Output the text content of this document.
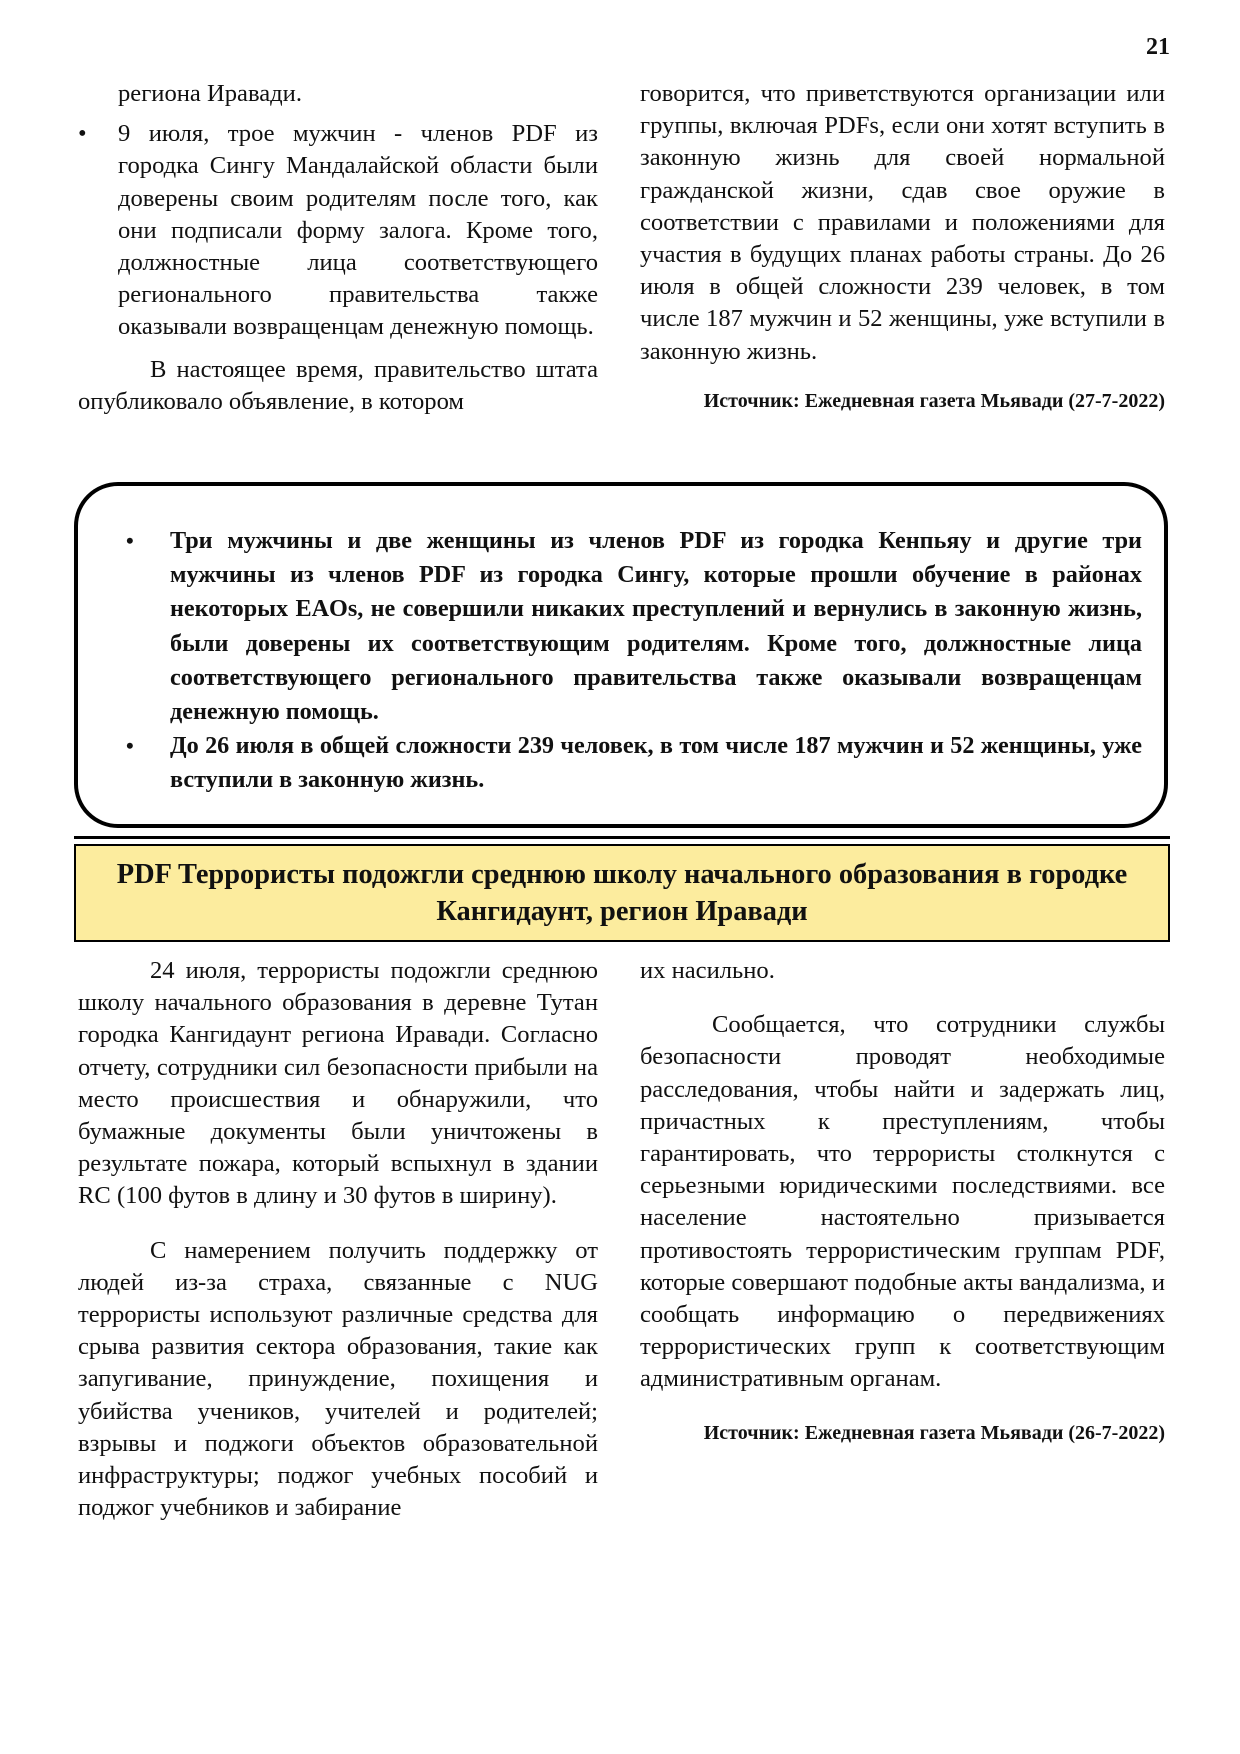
21

региона Иравади.

• 9 июля, трое мужчин - членов PDF из городка Сингу Мандалайской области были доверены своим родителям после того, как они подписали форму залога. Кроме того, должностные лица соответствующего регионального правительства также оказывали возвращенцам денежную помощь.

В настоящее время, правительство штата опубликовало объявление, в котором

говорится, что приветствуются организации или группы, включая PDFs, если они хотят вступить в законную жизнь для своей нормальной гражданской жизни, сдав свое оружие в соответствии с правилами и положениями для участия в будущих планах работы страны. До 26 июля в общей сложности 239 человек, в том числе 187 мужчин и 52 женщины, уже вступили в законную жизнь.

Источник: Ежедневная газета Мьявади (27-7-2022)

• Три мужчины и две женщины из членов PDF из городка Кенпьяу и другие три мужчины из членов PDF из городка Сингу, которые прошли обучение в районах некоторых EAOs, не совершили никаких преступлений и вернулись в законную жизнь, были доверены их соответствующим родителям. Кроме того, должностные лица соответствующего регионального правительства также оказывали возвращенцам денежную помощь.
• До 26 июля в общей сложности 239 человек, в том числе 187 мужчин и 52 женщины, уже вступили в законную жизнь.
PDF Террористы подожгли среднюю школу начального образования в городке Кангидаунт, регион Иравади

24 июля, террористы подожгли среднюю школу начального образования в деревне Тутан городка Кангидаунт региона Иравади. Согласно отчету, сотрудники сил безопасности прибыли на место происшествия и обнаружили, что бумажные документы были уничтожены в результате пожара, который вспыхнул в здании RC (100 футов в длину и 30 футов в ширину).

С намерением получить поддержку от людей из-за страха, связанные с NUG террористы используют различные средства для срыва развития сектора образования, такие как запугивание, принуждение, похищения и убийства учеников, учителей и родителей; взрывы и поджоги объектов образовательной инфраструктуры; поджог учебных пособий и поджог учебников и забирание

их насильно.

Сообщается, что сотрудники службы безопасности проводят необходимые расследования, чтобы найти и задержать лиц, причастных к преступлениям, чтобы гарантировать, что террористы столкнутся с серьезными юридическими последствиями. все население настоятельно призывается противостоять террористическим группам PDF, которые совершают подобные акты вандализма, и сообщать информацию о передвижениях террористических групп к соответствующим административным органам.

Источник: Ежедневная газета Мьявади (26-7-2022)
